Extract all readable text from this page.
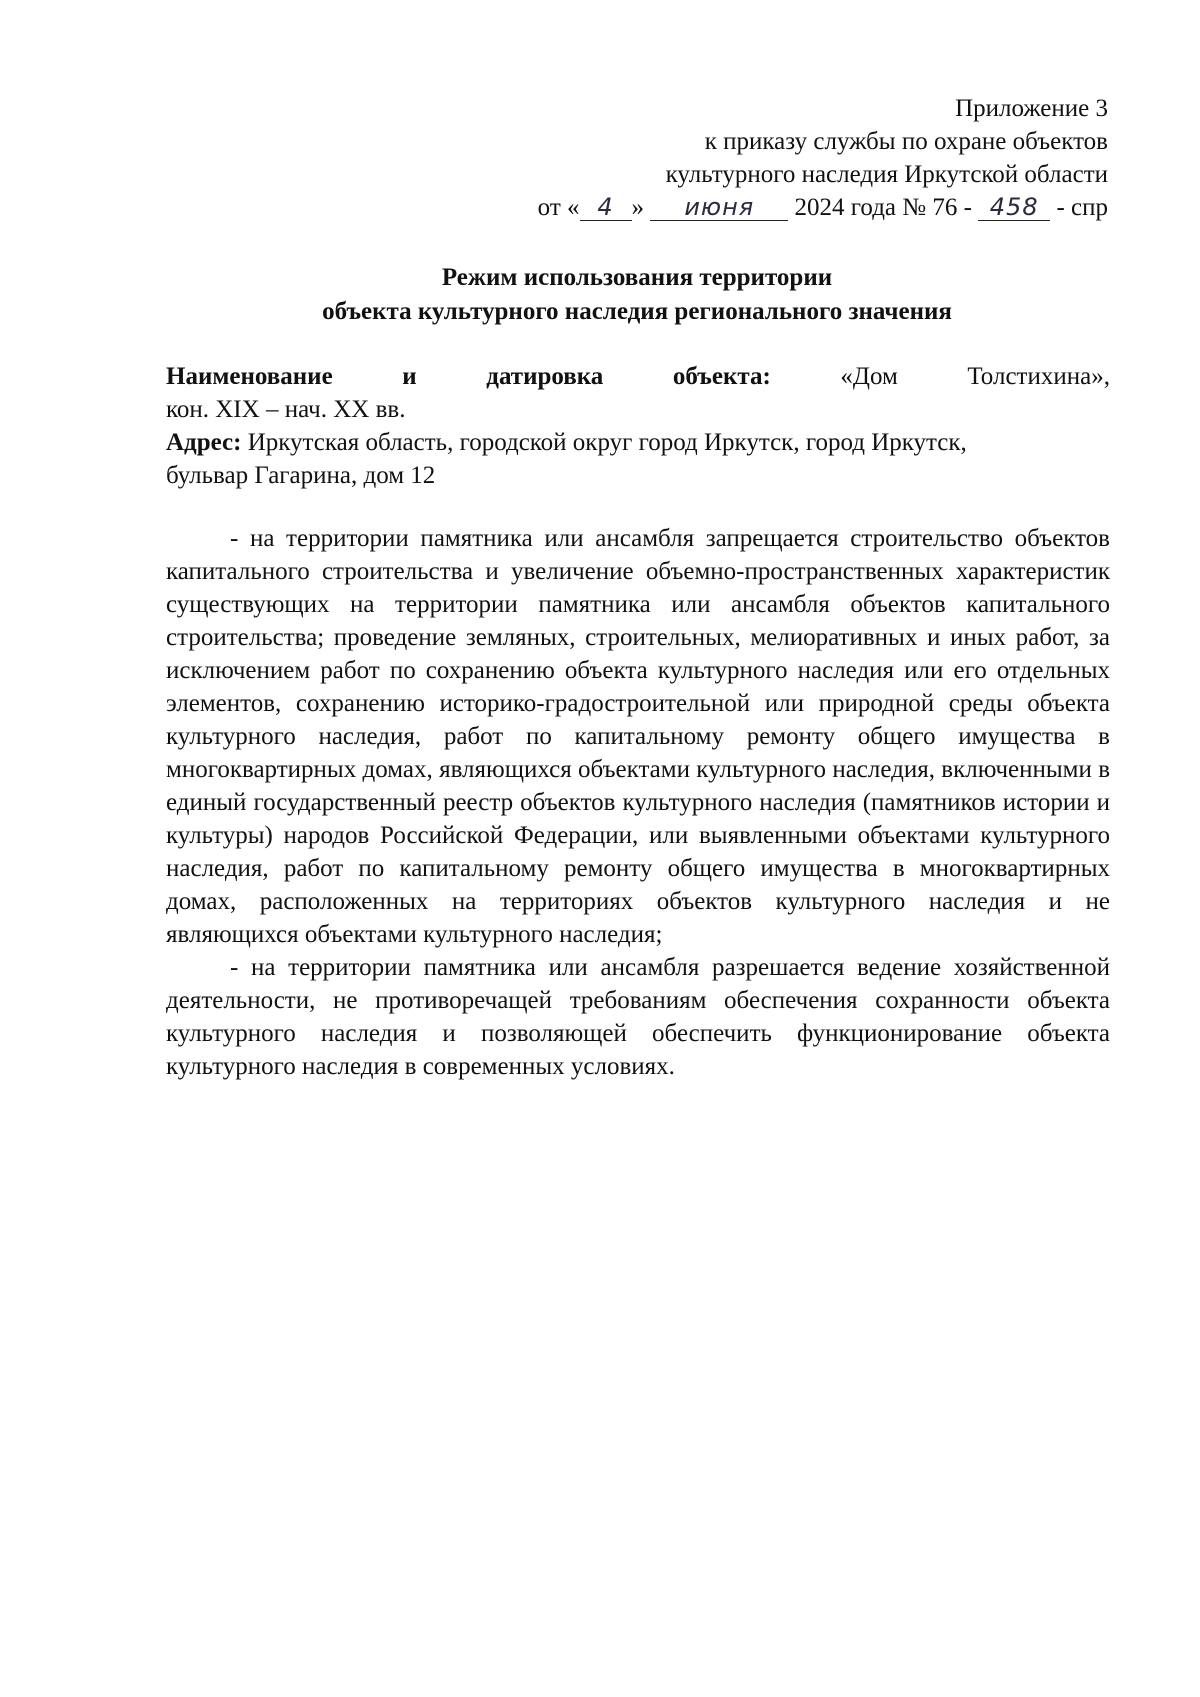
Приложение 3
к приказу службы по охране объектов
культурного наследия Иркутской области
от « 4 » июня 2024 года № 76 - 458 - спр
Режим использования территории
объекта культурного наследия регионального значения
Наименование	и	датировка	объекта:	«Дом	Толстихина»,

кон. XIX – нач. XX вв.

Адрес: Иркутская область, городской округ город Иркутск, город Иркутск,

бульвар Гагарина, дом 12

- на территории памятника или ансамбля запрещается строительство объектов капитального строительства и увеличение объемно-пространственных характеристик существующих на территории памятника или ансамбля объектов капитального строительства; проведение земляных, строительных, мелиоративных и иных работ, за исключением работ по сохранению объекта культурного наследия или его отдельных элементов, сохранению историко-градостроительной или природной среды объекта культурного наследия, работ по капитальному ремонту общего имущества в многоквартирных домах, являющихся объектами культурного наследия, включенными в единый государственный реестр объектов культурного наследия (памятников истории и культуры) народов Российской Федерации, или выявленными объектами культурного наследия, работ по капитальному ремонту общего имущества в многоквартирных домах, расположенных на территориях объектов культурного наследия и не являющихся объектами культурного наследия;

- на территории памятника или ансамбля разрешается ведение хозяйственной деятельности, не противоречащей требованиям обеспечения сохранности объекта культурного наследия и позволяющей обеспечить функционирование объекта культурного наследия в современных условиях.
